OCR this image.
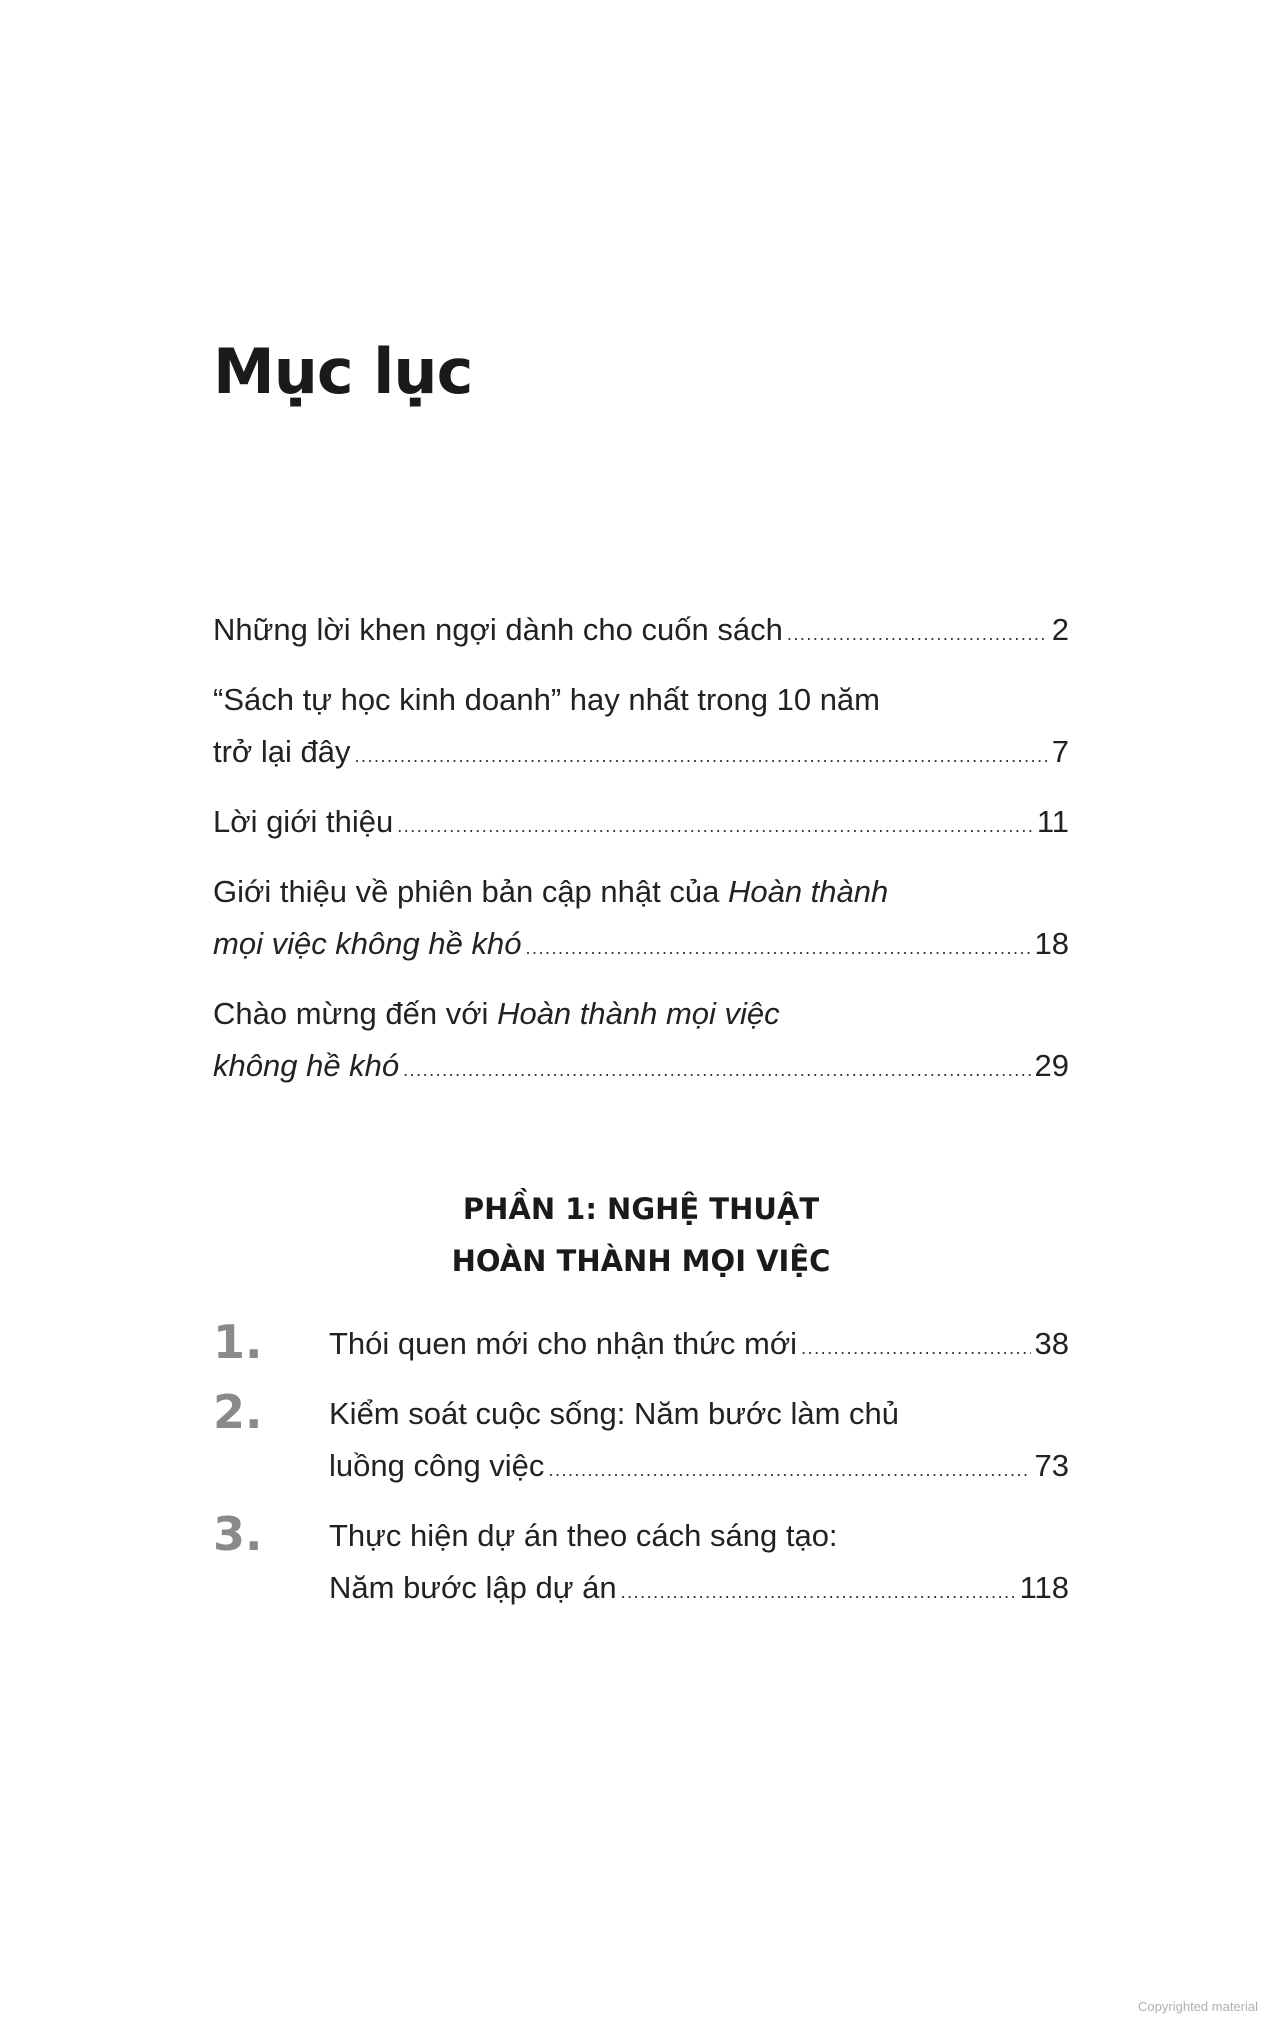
Mục lục
Những lời khen ngợi dành cho cuốn sách .....	2
“Sách tự học kinh doanh” hay nhất trong 10 năm
trở lại đây .....	7
Lời giới thiệu .....	11
Giới thiệu về phiên bản cập nhật của Hoàn thành
mọi việc không hề khó .....	18
Chào mừng đến với Hoàn thành mọi việc
không hề khó .....	29
PHẦN 1: NGHỆ THUẬT
HOÀN THÀNH MỌI VIỆC
1. Thói quen mới cho nhận thức mới .....	38
2. Kiểm soát cuộc sống: Năm bước làm chủ
luồng công việc .....	73
3. Thực hiện dự án theo cách sáng tạo:
Năm bước lập dự án .....	118
Copyrighted material
